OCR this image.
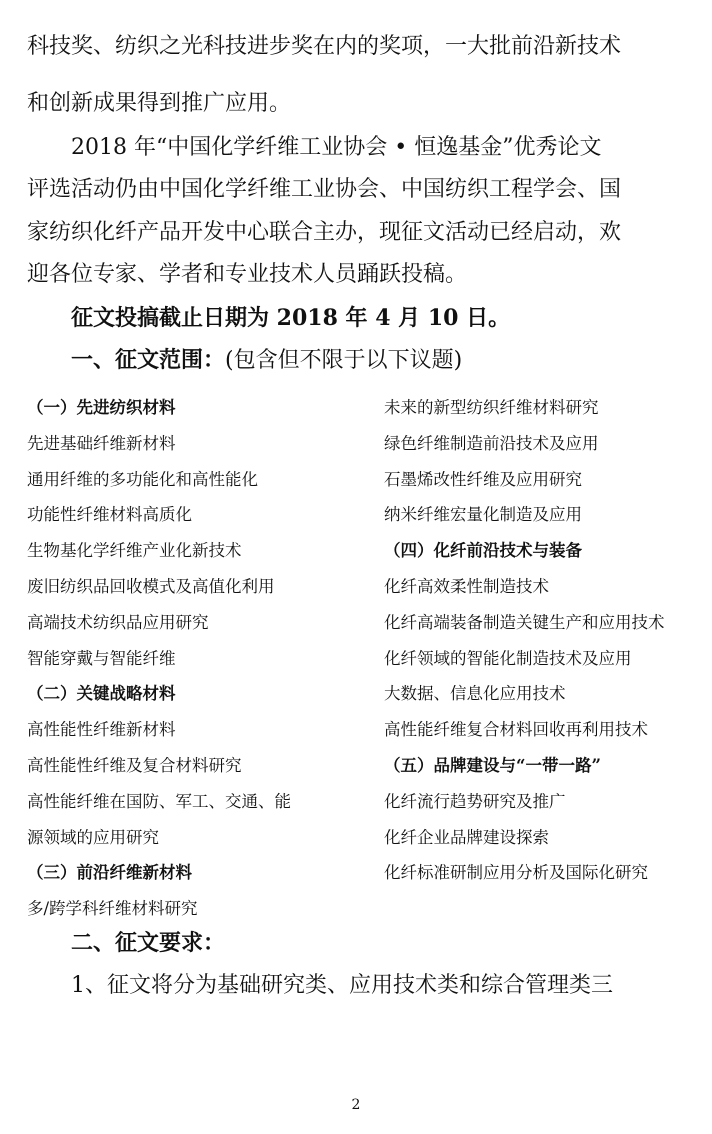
科技奖、纺织之光科技进步奖在内的奖项，一大批前沿新技术
和创新成果得到推广应用。
2018 年“中国化学纤维工业协会 • 恒逸基金”优秀论文
评选活动仍由中国化学纤维工业协会、中国纺织工程学会、国
家纺织化纤产品开发中心联合主办，现征文活动已经启动，欢
迎各位专家、学者和专业技术人员踊跃投稿。
征文投搞截止日期为 2018 年 4 月 10 日。
一、征文范围：(包含但不限于以下议题)
（一）先进纺织材料
先进基础纤维新材料
通用纤维的多功能化和高性能化
功能性纤维材料高质化
生物基化学纤维产业化新技术
废旧纺织品回收模式及高值化利用
高端技术纺织品应用研究
智能穿戴与智能纤维
（二）关键战略材料
高性能性纤维新材料
高性能性纤维及复合材料研究
高性能纤维在国防、军工、交通、能
源领域的应用研究
（三）前沿纤维新材料
多/跨学科纤维材料研究
未来的新型纺织纤维材料研究
绿色纤维制造前沿技术及应用
石墨烯改性纤维及应用研究
纳米纤维宏量化制造及应用
（四）化纤前沿技术与装备
化纤高效柔性制造技术
化纤高端装备制造关键生产和应用技术
化纤领域的智能化制造技术及应用
大数据、信息化应用技术
高性能纤维复合材料回收再利用技术
（五）品牌建设与“一带一路”
化纤流行趋势研究及推广
化纤企业品牌建设探索
化纤标准研制应用分析及国际化研究
二、征文要求：
1、征文将分为基础研究类、应用技术类和综合管理类三
2
